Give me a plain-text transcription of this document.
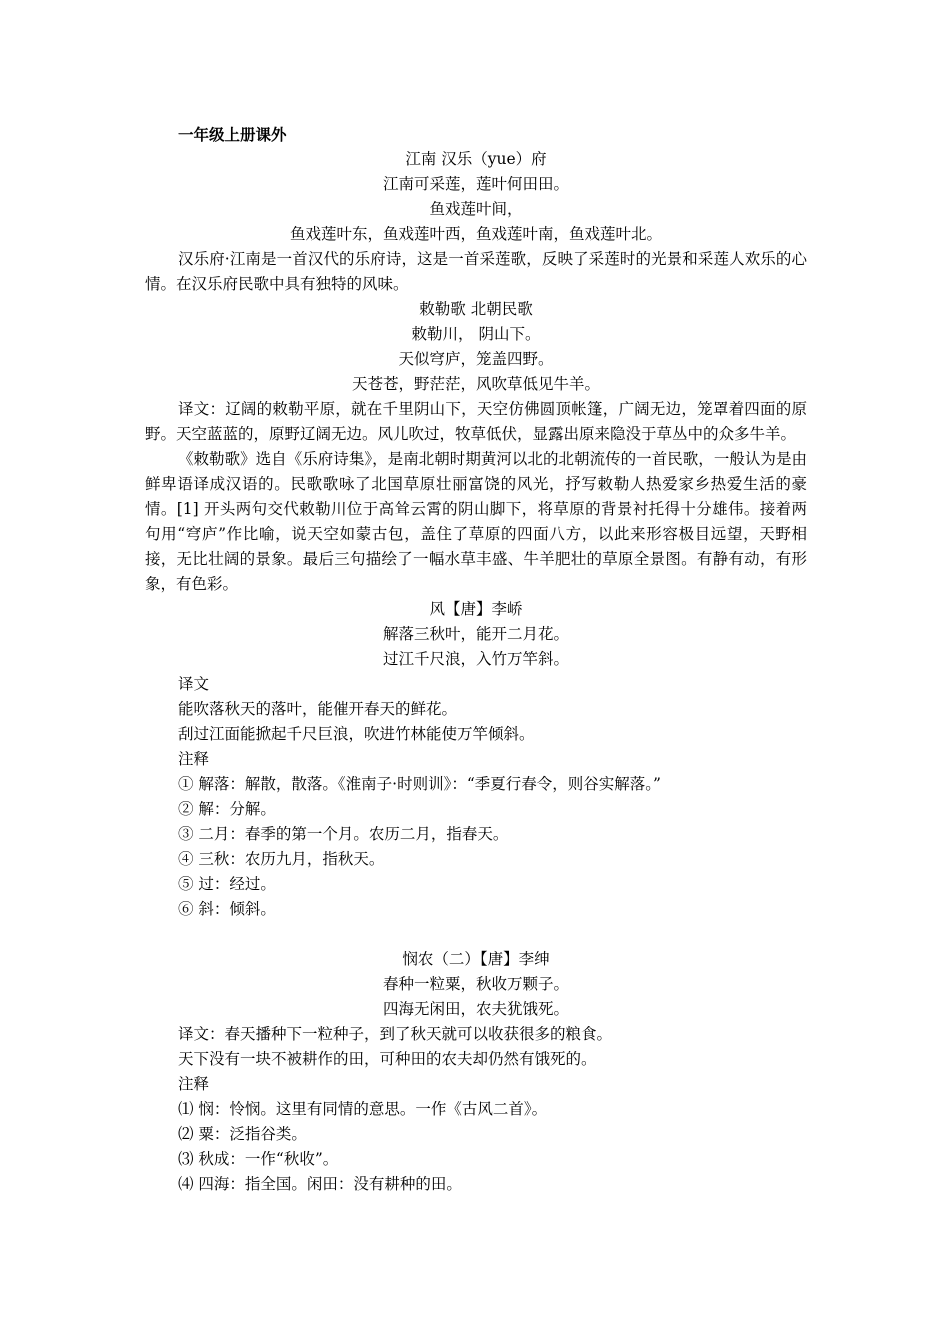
一年级上册课外
江南 汉乐（yue）府
江南可采莲，莲叶何田田。
鱼戏莲叶间，
鱼戏莲叶东，鱼戏莲叶西，鱼戏莲叶南，鱼戏莲叶北。
汉乐府·江南是一首汉代的乐府诗，这是一首采莲歌，反映了采莲时的光景和采莲人欢乐的心情。在汉乐府民歌中具有独特的风味。
敕勒歌 北朝民歌
敕勒川， 阴山下。
天似穹庐，笼盖四野。
天苍苍，野茫茫，风吹草低见牛羊。
译文：辽阔的敕勒平原，就在千里阴山下，天空仿佛圆顶帐篷，广阔无边，笼罩着四面的原野。天空蓝蓝的，原野辽阔无边。风儿吹过，牧草低伏，显露出原来隐没于草丛中的众多牛羊。
《敕勒歌》选自《乐府诗集》，是南北朝时期黄河以北的北朝流传的一首民歌，一般认为是由鲜卑语译成汉语的。民歌歌咏了北国草原壮丽富饶的风光，抒写敕勒人热爱家乡热爱生活的豪情。[1] 开头两句交代敕勒川位于高耸云霄的阴山脚下，将草原的背景衬托得十分雄伟。接着两句用“穹庐”作比喻，说天空如蒙古包，盖住了草原的四面八方，以此来形容极目远望，天野相接，无比壮阔的景象。最后三句描绘了一幅水草丰盛、牛羊肥壮的草原全景图。有静有动，有形象，有色彩。
风【唐】李峤
解落三秋叶，能开二月花。
过江千尺浪，入竹万竿斜。
译文
能吹落秋天的落叶，能催开春天的鲜花。
刮过江面能掀起千尺巨浪，吹进竹林能使万竿倾斜。
注释
① 解落：解散，散落。《淮南子·时则训》：“季夏行春令，则谷实解落。”
② 解：分解。
③ 二月：春季的第一个月。农历二月，指春天。
④ 三秋：农历九月，指秋天。
⑤ 过：经过。
⑥ 斜：倾斜。
悯农（二）【唐】李绅
春种一粒粟，秋收万颗子。
四海无闲田，农夫犹饿死。
译文：春天播种下一粒种子，到了秋天就可以收获很多的粮食。
天下没有一块不被耕作的田，可种田的农夫却仍然有饿死的。
注释
⑴ 悯：怜悯。这里有同情的意思。一作《古风二首》。
⑵ 粟：泛指谷类。
⑶ 秋成：一作“秋收”。
⑷ 四海：指全国。闲田：没有耕种的田。
